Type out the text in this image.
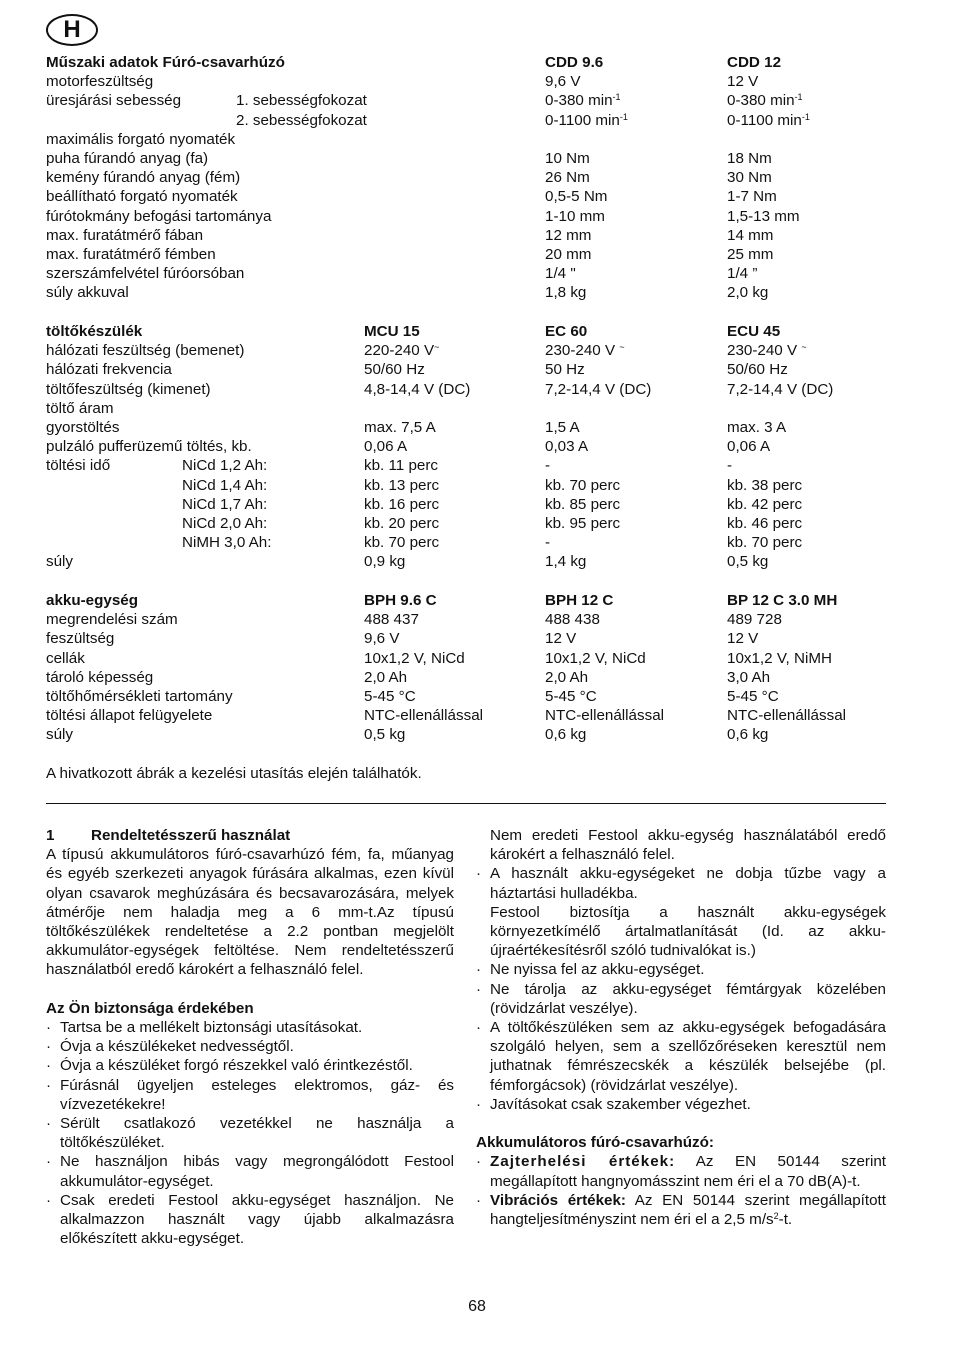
H
Műszaki adatok Fúró-csavarhúzó	CDD 9.6	CDD 12
motorfeszültség	9,6 V	12 V
üresjárási sebesség	1. sebességfokozat	0-380 $\min^{-1}$	0-380 $\min^{-1}$
2. sebességfokozat	0-1100 $\min^{-1}$	0-1100 $\min^{-1}$
maximális forgató nyomaték
puha fúrandó anyag (fa)	10 Nm	18 Nm
kemény fúrandó anyag (fém)	26 Nm	30 Nm
beállítható forgató nyomaték	0,5-5 Nm	1-7 Nm
fúrótokmány befogási tartománya	1-10 mm	1,5-13 mm
max. furatátmérő fában	12 mm	14 mm
max. furatátmérő fémben	20 mm	25 mm
szerszámfelvétel fúróorsóban	1/4 "	1/4 ”
súly akkuval	1,8 kg	2,0 kg
töltőkészülék	MCU 15	EC 60	ECU 45
hálózati feszültség (bemenet)	220-240 V~	230-240 V ~	230-240 V ~
hálózati frekvencia	50/60 Hz	50 Hz	50/60 Hz
töltőfeszültség (kimenet)	4,8-14,4 V (DC)	7,2-14,4 V (DC)	7,2-14,4 V (DC)
töltő áram
gyorstöltés	max. 7,5 A	1,5 A	max. 3 A
pulzáló pufferüzemű töltés, kb.	0,06 A	0,03 A	0,06 A
töltési idő	NiCd 1,2 Ah:	kb. 11 perc	-	-
NiCd 1,4 Ah:	kb. 13 perc	kb. 70 perc	kb. 38 perc
NiCd 1,7 Ah:	kb. 16 perc	kb. 85 perc	kb. 42 perc
NiCd 2,0 Ah:	kb. 20 perc	kb. 95 perc	kb. 46 perc
NiMH 3,0 Ah:	kb. 70 perc	-	kb. 70 perc
súly	0,9 kg	1,4 kg	0,5 kg
akku-egység	BPH 9.6 C	BPH 12 C	BP 12 C 3.0 MH
megrendelési szám	488 437	488 438	489 728
feszültség	9,6 V	12 V	12 V
cellák	10x1,2 V, NiCd	10x1,2 V, NiCd	10x1,2 V, NiMH
tároló képesség	2,0 Ah	2,0 Ah	3,0 Ah
töltőhőmérsékleti tartomány	5-45 °C	5-45 °C	5-45 °C
töltési állapot felügyelete	NTC-ellenállással	NTC-ellenállással	NTC-ellenállással
súly	0,5 kg	0,6 kg	0,6 kg
A hivatkozott ábrák a kezelési utasítás elején találhatók.

1 Rendeltetésszerű használat

A típusú akkumulátoros fúró-csavarhúzó fém, fa, műanyag és egyéb szerkezeti anyagok fúrására alkalmas, ezen kívül olyan csavarok meghúzására és becsavarozására, melyek átmérője nem haladja meg a 6 mm-t.Az típusú töltőkészülékek rendeltetése a 2.2 pontban megjelölt akkumulátor-egységek feltöltése. Nem rendeltetésszerű használatból eredő károkért a felhasználó felel.

Az Ön biztonsága érdekében

· Tartsa be a mellékelt biztonsági utasításokat.

· Óvja a készülékeket nedvességtől.

· Óvja a készüléket forgó részekkel való érintkezéstől.

· Fúrásnál ügyeljen esteleges elektromos, gáz- és vízvezetékekre!

· Sérült csatlakozó vezetékkel ne használja a töltőkészüléket.

· Ne használjon hibás vagy megrongálódott Festool akkumulátor-egységet.

· Csak eredeti Festool akku-egységet használjon. Ne alkalmazzon használt vagy újabb alkalmazásra előkészített akku-egységet.

Nem eredeti Festool akku-egység használatából eredő károkért a felhasználó felel.

· A használt akku-egységeket ne dobja tűzbe vagy a háztartási hulladékba.

Festool biztosítja a használt akku-egységek környezetkímélő ártalmatlanítását (Id. az akku-újraértékesítésről szóló tudnivalókat is.)

· Ne nyissa fel az akku-egységet.

· Ne tárolja az akku-egységet fémtárgyak közelében (rövidzárlat veszélye).

· A töltőkészüléken sem az akku-egységek befogadására szolgáló helyen, sem a szellőzőréseken keresztül nem juthatnak fémrészecskék a készülék belsejébe (pl. fémforgácsok) (rövidzárlat veszélye).

· Javításokat csak szakember végezhet.

Akkumulátoros fúró-csavarhúzó:

· Zajterhelési értékek: Az EN 50144 szerint megállapított hangnyomásszint nem éri el a 70 dB(A)-t.

· Vibrációs értékek: Az EN 50144 szerint megállapított hangteljesítményszint nem éri el a 2,5 $m/s^2-t$.

68
